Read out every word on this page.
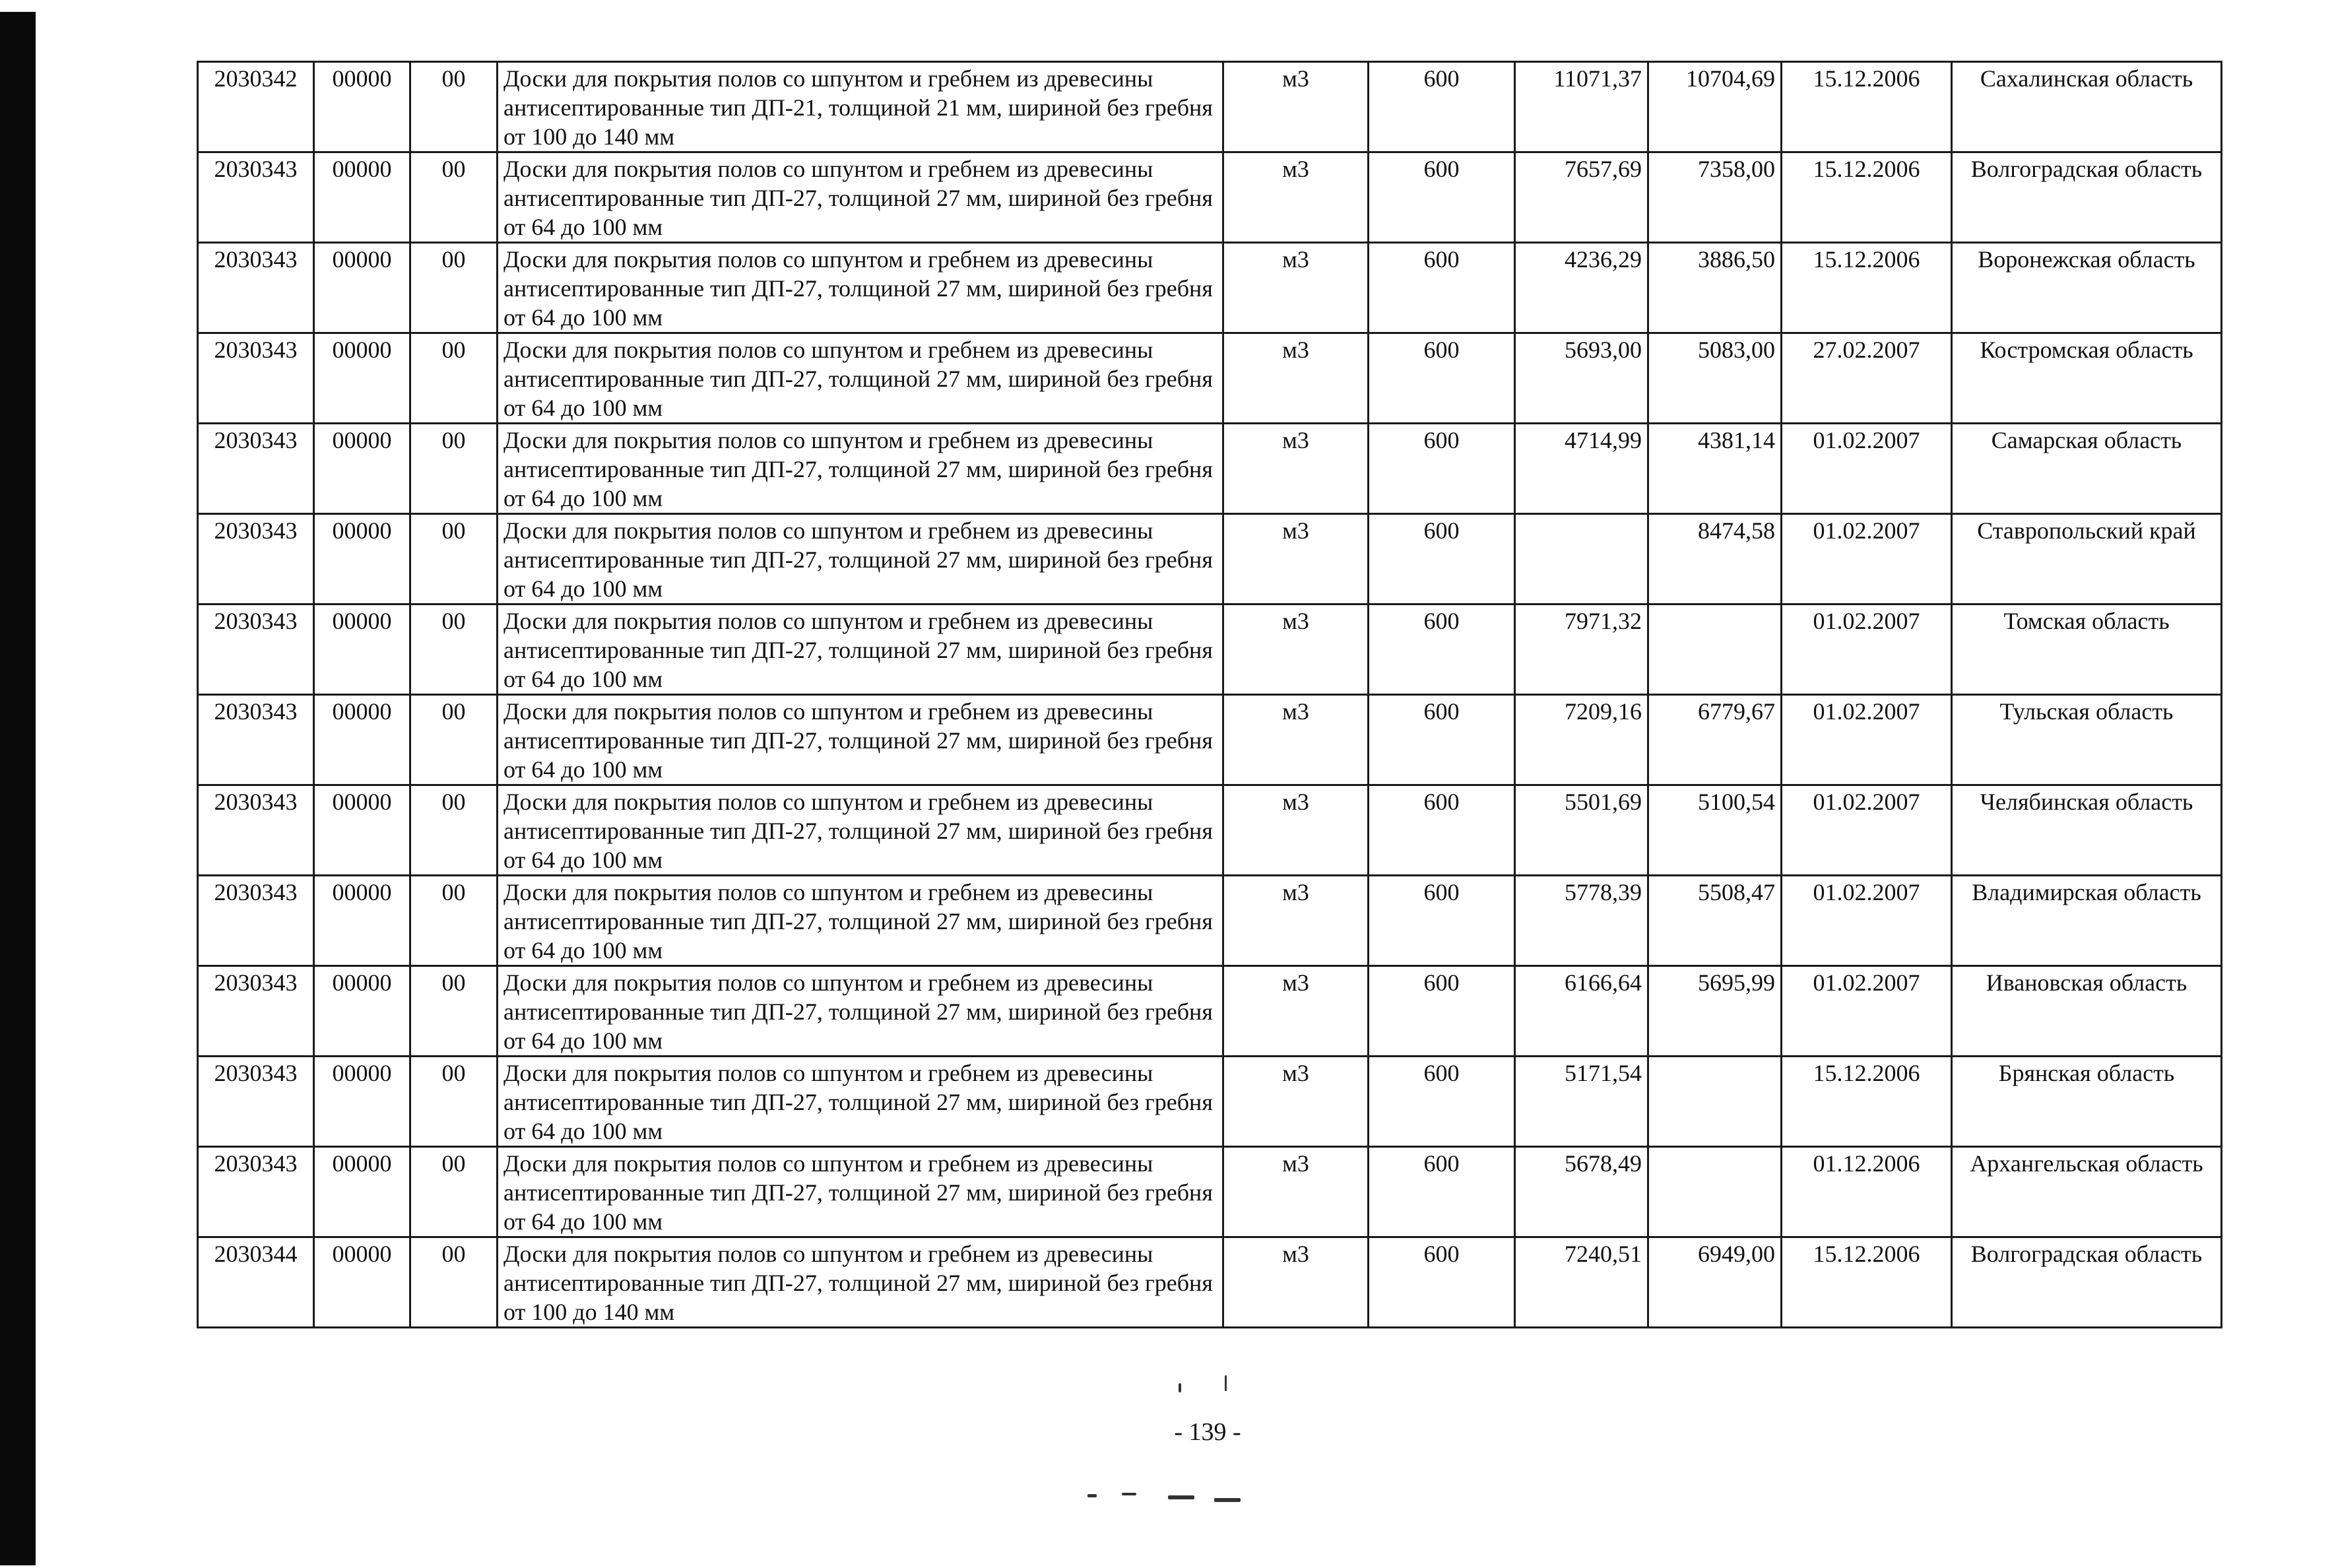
2030342	00000	00	Доски для покрытия полов со шпунтом и гребнем из древесины антисептированные тип ДП-21, толщиной 21 мм, шириной без гребня от 100 до 140 мм	м3	600	11071,37	10704,69	15.12.2006	Сахалинская область
2030343	00000	00	Доски для покрытия полов со шпунтом и гребнем из древесины антисептированные тип ДП-27, толщиной 27 мм, шириной без гребня от 64 до 100 мм	м3	600	7657,69	7358,00	15.12.2006	Волгоградская область
2030343	00000	00	Доски для покрытия полов со шпунтом и гребнем из древесины антисептированные тип ДП-27, толщиной 27 мм, шириной без гребня от 64 до 100 мм	м3	600	4236,29	3886,50	15.12.2006	Воронежская область
2030343	00000	00	Доски для покрытия полов со шпунтом и гребнем из древесины антисептированные тип ДП-27, толщиной 27 мм, шириной без гребня от 64 до 100 мм	м3	600	5693,00	5083,00	27.02.2007	Костромская область
2030343	00000	00	Доски для покрытия полов со шпунтом и гребнем из древесины антисептированные тип ДП-27, толщиной 27 мм, шириной без гребня от 64 до 100 мм	м3	600	4714,99	4381,14	01.02.2007	Самарская область
2030343	00000	00	Доски для покрытия полов со шпунтом и гребнем из древесины антисептированные тип ДП-27, толщиной 27 мм, шириной без гребня от 64 до 100 мм	м3	600		8474,58	01.02.2007	Ставропольский край
2030343	00000	00	Доски для покрытия полов со шпунтом и гребнем из древесины антисептированные тип ДП-27, толщиной 27 мм, шириной без гребня от 64 до 100 мм	м3	600	7971,32		01.02.2007	Томская область
2030343	00000	00	Доски для покрытия полов со шпунтом и гребнем из древесины антисептированные тип ДП-27, толщиной 27 мм, шириной без гребня от 64 до 100 мм	м3	600	7209,16	6779,67	01.02.2007	Тульская область
2030343	00000	00	Доски для покрытия полов со шпунтом и гребнем из древесины антисептированные тип ДП-27, толщиной 27 мм, шириной без гребня от 64 до 100 мм	м3	600	5501,69	5100,54	01.02.2007	Челябинская область
2030343	00000	00	Доски для покрытия полов со шпунтом и гребнем из древесины антисептированные тип ДП-27, толщиной 27 мм, шириной без гребня от 64 до 100 мм	м3	600	5778,39	5508,47	01.02.2007	Владимирская область
2030343	00000	00	Доски для покрытия полов со шпунтом и гребнем из древесины антисептированные тип ДП-27, толщиной 27 мм, шириной без гребня от 64 до 100 мм	м3	600	6166,64	5695,99	01.02.2007	Ивановская область
2030343	00000	00	Доски для покрытия полов со шпунтом и гребнем из древесины антисептированные тип ДП-27, толщиной 27 мм, шириной без гребня от 64 до 100 мм	м3	600	5171,54		15.12.2006	Брянская область
2030343	00000	00	Доски для покрытия полов со шпунтом и гребнем из древесины антисептированные тип ДП-27, толщиной 27 мм, шириной без гребня от 64 до 100 мм	м3	600	5678,49		01.12.2006	Архангельская область
2030344	00000	00	Доски для покрытия полов со шпунтом и гребнем из древесины антисептированные тип ДП-27, толщиной 27 мм, шириной без гребня от 100 до 140 мм	м3	600	7240,51	6949,00	15.12.2006	Волгоградская область
- 139 -
